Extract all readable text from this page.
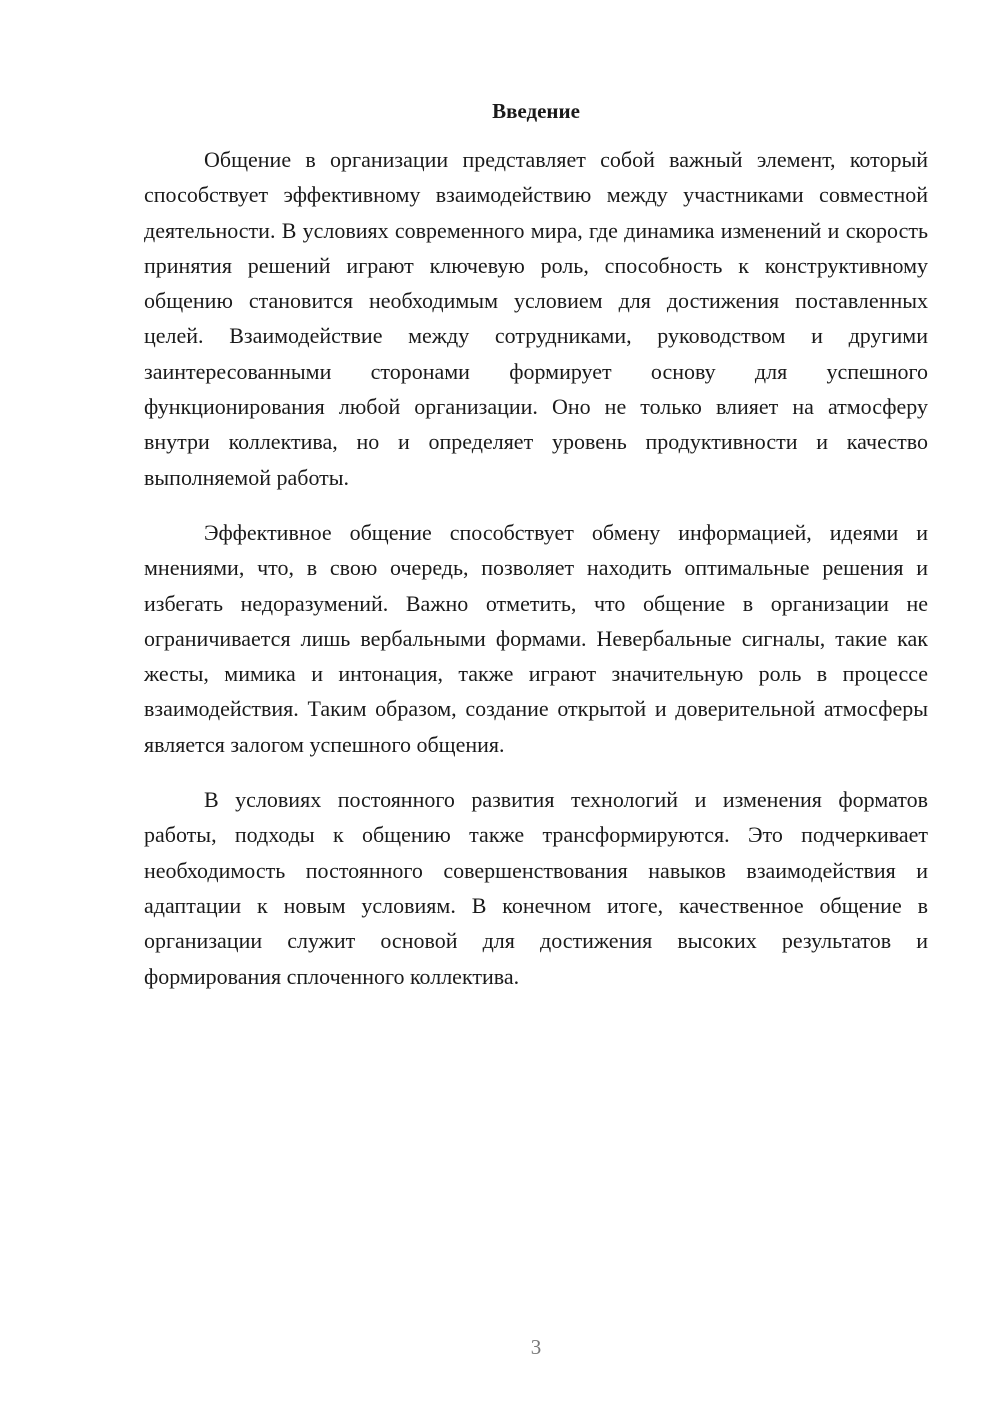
Введение

Общение в организации представляет собой важный элемент, который способствует эффективному взаимодействию между участниками совместной деятельности. В условиях современного мира, где динамика изменений и скорость принятия решений играют ключевую роль, способность к конструктивному общению становится необходимым условием для достижения поставленных целей. Взаимодействие между сотрудниками, руководством и другими заинтересованными сторонами формирует основу для успешного функционирования любой организации. Оно не только влияет на атмосферу внутри коллектива, но и определяет уровень продуктивности и качество выполняемой работы.

Эффективное общение способствует обмену информацией, идеями и мнениями, что, в свою очередь, позволяет находить оптимальные решения и избегать недоразумений. Важно отметить, что общение в организации не ограничивается лишь вербальными формами. Невербальные сигналы, такие как жесты, мимика и интонация, также играют значительную роль в процессе взаимодействия. Таким образом, создание открытой и доверительной атмосферы является залогом успешного общения.

В условиях постоянного развития технологий и изменения форматов работы, подходы к общению также трансформируются. Это подчеркивает необходимость постоянного совершенствования навыков взаимодействия и адаптации к новым условиям. В конечном итоге, качественное общение в организации служит основой для достижения высоких результатов и формирования сплоченного коллектива.

3
